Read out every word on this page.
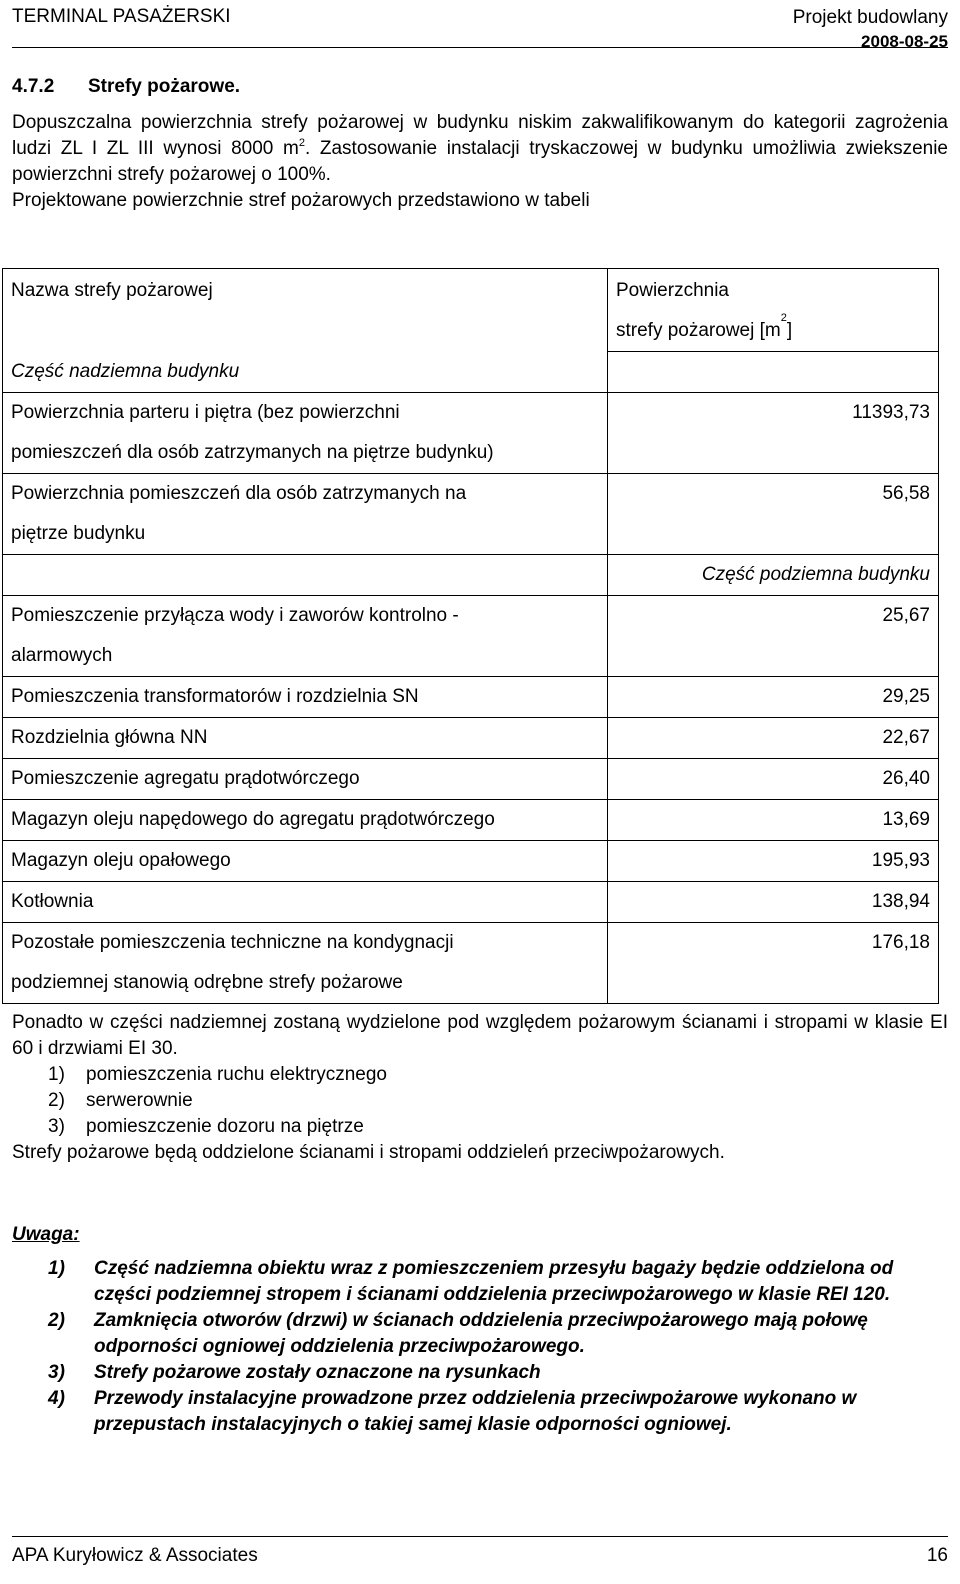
TERMINAL PASAŻERSKI	Projekt budowlany
2008-08-25
4.7.2 Strefy pożarowe.

Dopuszczalna powierzchnia strefy pożarowej w budynku niskim zakwalifikowanym do kategorii zagrożenia ludzi ZL I ZL III wynosi 8000 $m^2$. Zastosowanie instalacji tryskaczowej w budynku umożliwia zwiekszenie powierzchni strefy pożarowej o 100%.

Projektowane powierzchnie stref pożarowych przedstawiono w tabeli

Nazwa strefy pożarowej	Powierzchnia
strefy pożarowej $[m^2]$

Część nadziemna budynku	

Powierzchnia parteru i piętra (bez powierzchni
pomieszczeń dla osób zatrzymanych na piętrze budynku)	11393,73

Powierzchnia pomieszczeń dla osób zatrzymanych na
piętrze budynku	56,58
	Część podziemna budynku

Pomieszczenie przyłącza wody i zaworów kontrolno -
alarmowych	25,67

Pomieszczenia transformatorów i rozdzielnia SN	29,25

Rozdzielnia główna NN	22,67

Pomieszczenie agregatu prądotwórczego	26,40

Magazyn oleju napędowego do agregatu prądotwórczego	13,69

Magazyn oleju opałowego	195,93

Kotłownia	138,94

Pozostałe pomieszczenia techniczne na kondygnacji
podziemnej stanowią odrębne strefy pożarowe	176,18

Ponadto w części nadziemnej zostaną wydzielone pod względem pożarowym ścianami i stropami w klasie EI 60 i drzwiami EI 30.

1) pomieszczenia ruchu elektrycznego
2) serwerownie
3) pomieszczenie dozoru na piętrze

Strefy pożarowe będą oddzielone ścianami i stropami oddzieleń przeciwpożarowych.

Uwaga:
1)	Część nadziemna obiektu wraz z pomieszczeniem przesyłu bagaży będzie oddzielona od części podziemnej stropem i ścianami oddzielenia przeciwpożarowego w klasie REI 120.
2)	Zamknięcia otworów (drzwi) w ścianach oddzielenia przeciwpożarowego mają połowę odporności ogniowej oddzielenia przeciwpożarowego.
3)	Strefy pożarowe zostały oznaczone na rysunkach
4)	Przewody instalacyjne prowadzone przez oddzielenia przeciwpożarowe wykonano w przepustach instalacyjnych o takiej samej klasie odporności ogniowej.
APA Kuryłowicz & Associates	16
